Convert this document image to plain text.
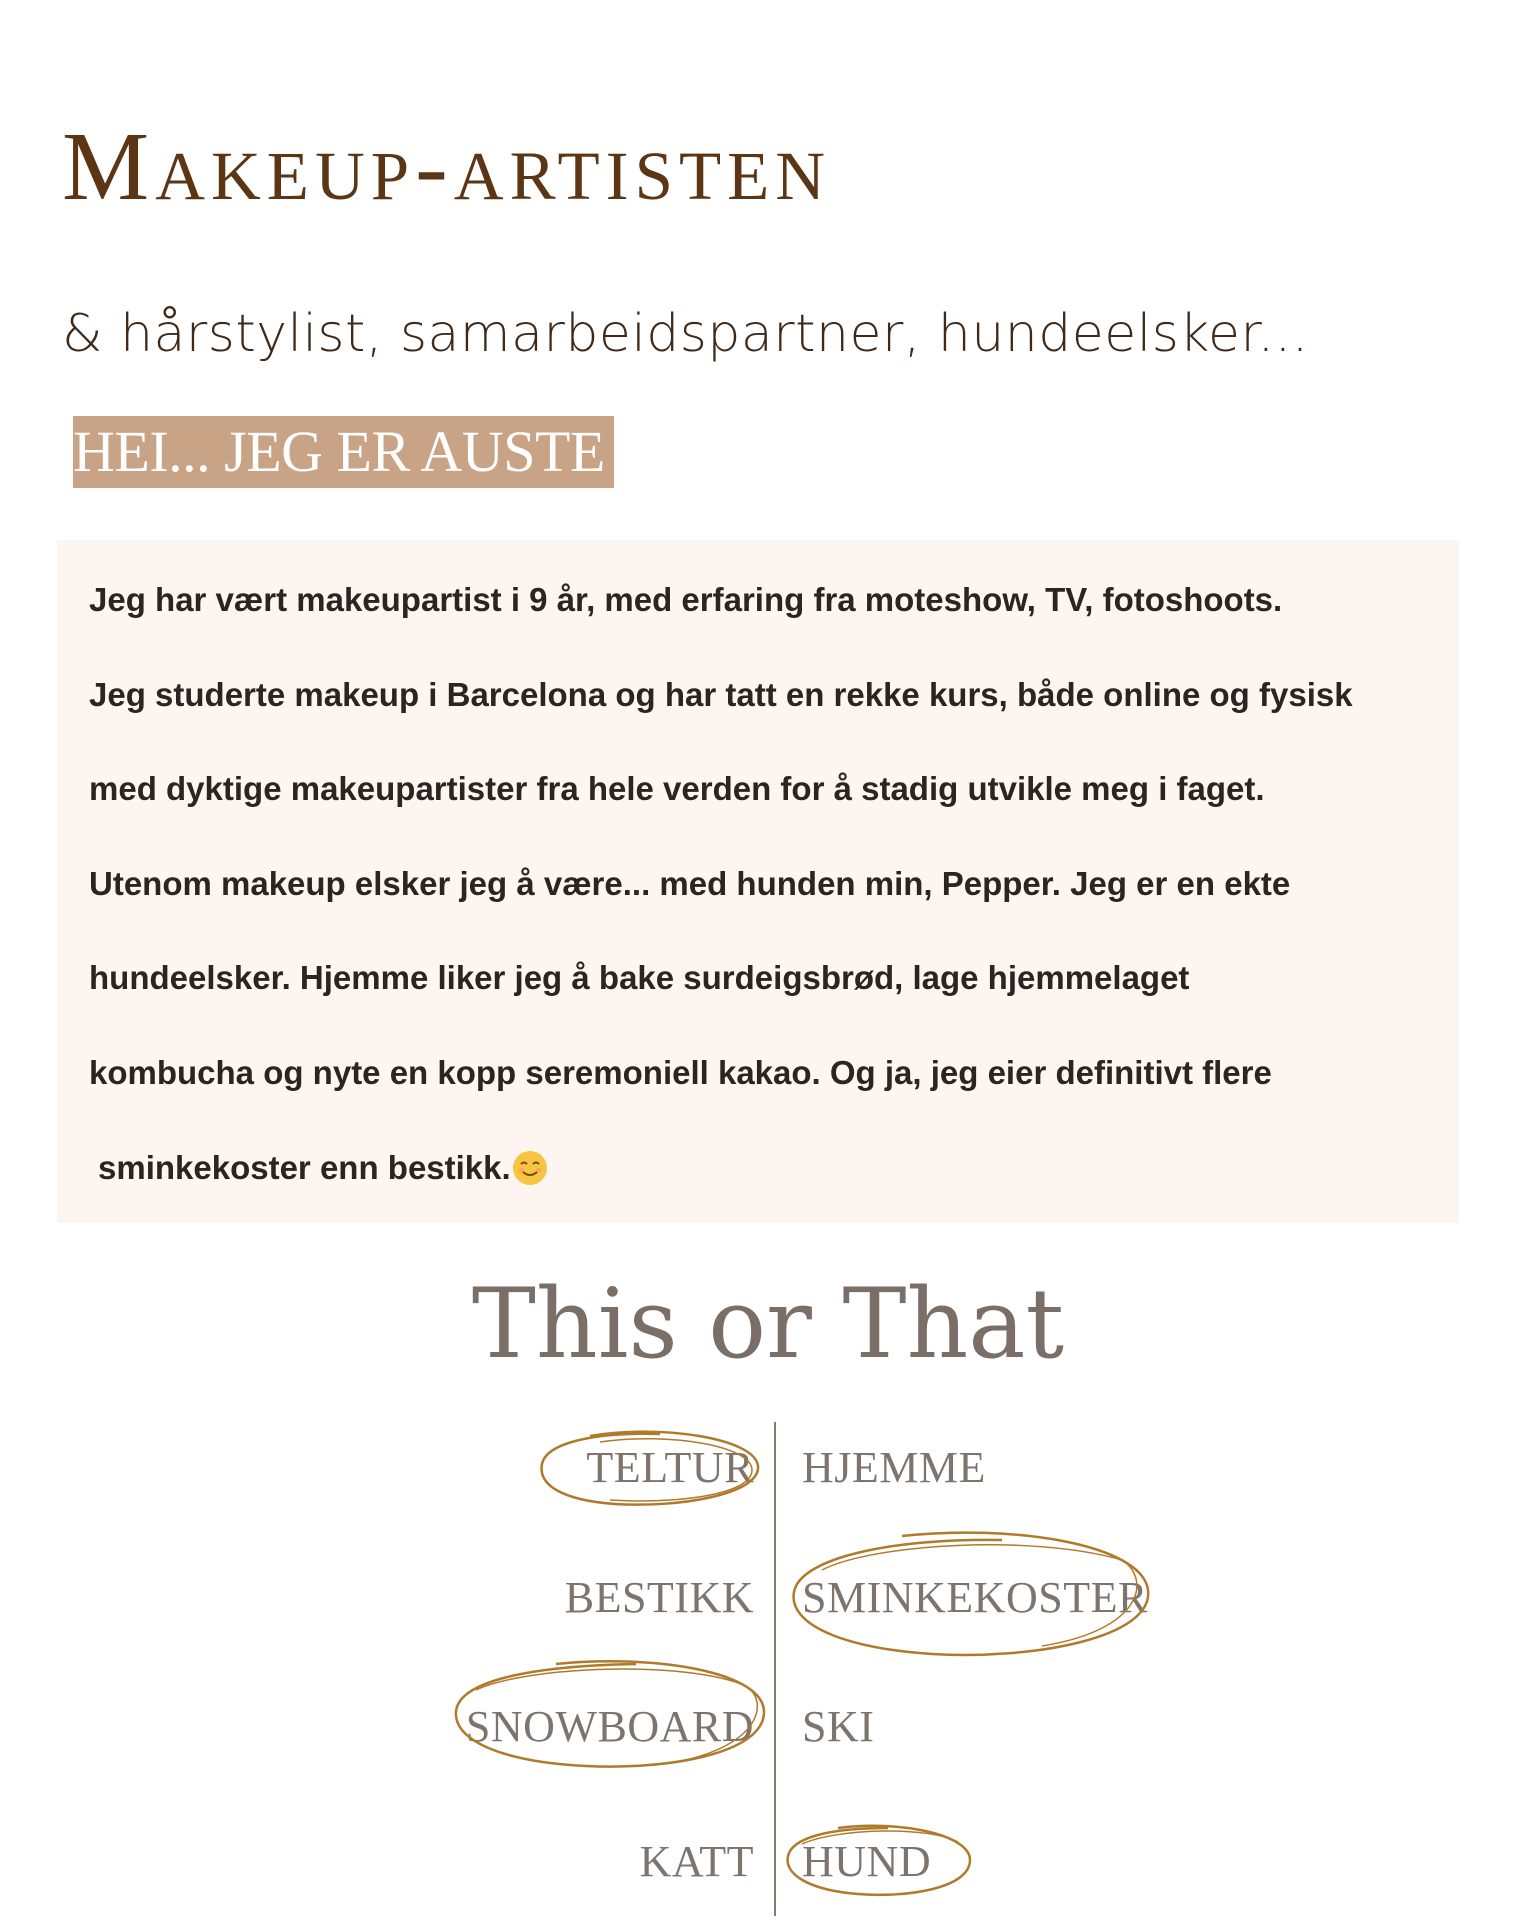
Makeup-artisten
& hårstylist, samarbeidspartner, hundeelsker...
HEI... JEG ER AUSTE
Jeg har vært makeupartist i 9 år, med erfaring fra moteshow, TV, fotoshoots.
Jeg studerte makeup i Barcelona og har tatt en rekke kurs, både online og fysisk
med dyktige makeupartister fra hele verden for å stadig utvikle meg i faget.
Utenom makeup elsker jeg å være... med hunden min, Pepper. Jeg er en ekte
hundeelsker. Hjemme liker jeg å bake surdeigsbrød, lage hjemmelaget
kombucha og nyte en kopp seremoniell kakao. Og ja, jeg eier definitivt flere
sminkekoster enn bestikk.
This or That
TELTUR HJEMME
BESTIKK SMINKEKOSTER
SNOWBOARD SKI
KATT HUND
